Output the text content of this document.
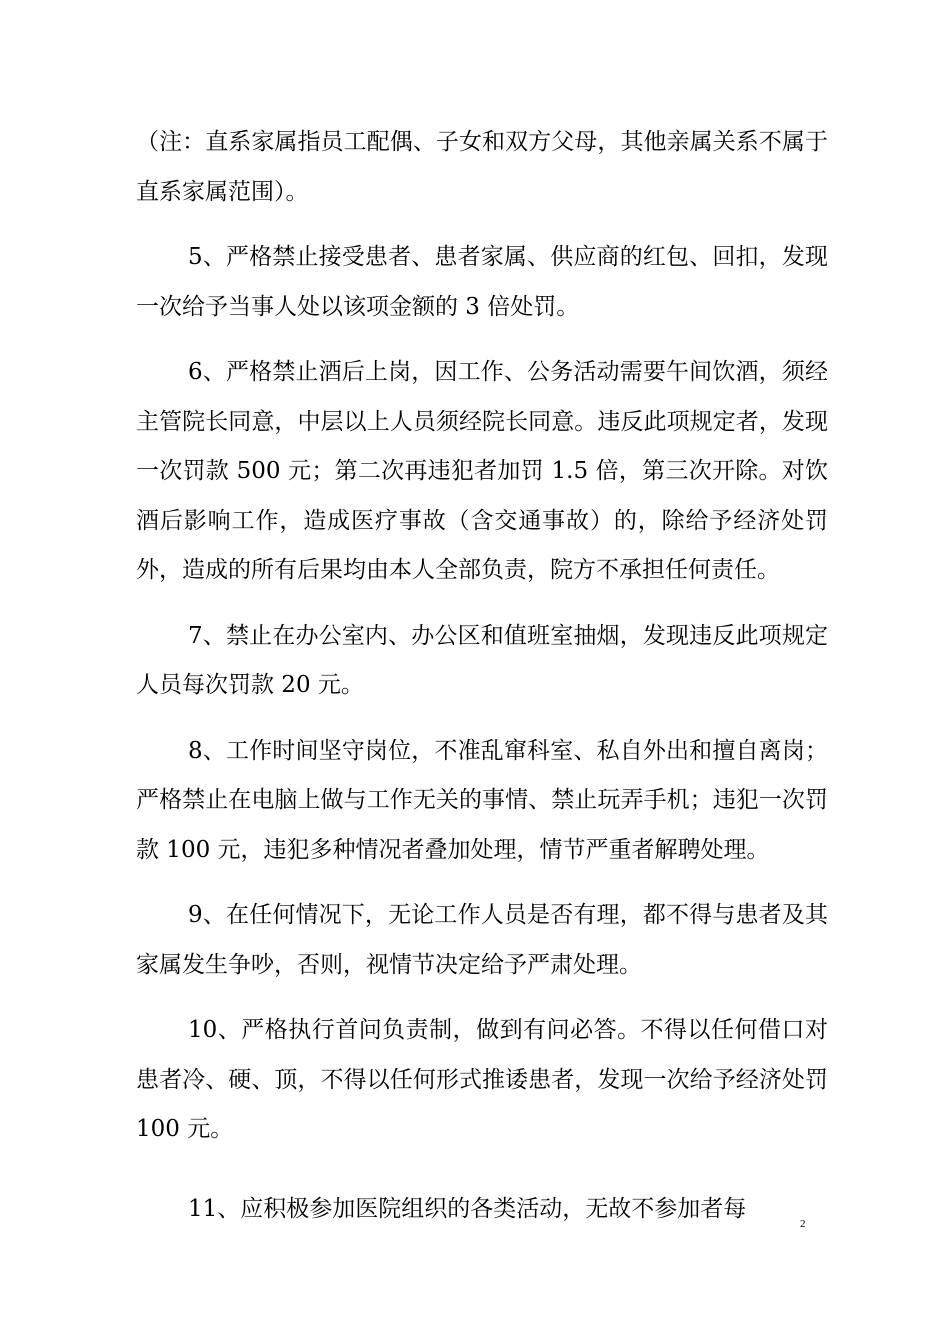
（注：直系家属指员工配偶、子女和双方父母，其他亲属关系不属于直系家属范围）。

5、严格禁止接受患者、患者家属、供应商的红包、回扣，发现一次给予当事人处以该项金额的 3 倍处罚。

6、严格禁止酒后上岗，因工作、公务活动需要午间饮酒，须经主管院长同意，中层以上人员须经院长同意。违反此项规定者，发现一次罚款 500 元；第二次再违犯者加罚 1.5 倍，第三次开除。对饮酒后影响工作，造成医疗事故（含交通事故）的，除给予经济处罚外，造成的所有后果均由本人全部负责，院方不承担任何责任。

7、禁止在办公室内、办公区和值班室抽烟，发现违反此项规定人员每次罚款 20 元。

8、工作时间坚守岗位，不准乱窜科室、私自外出和擅自离岗；严格禁止在电脑上做与工作无关的事情、禁止玩弄手机；违犯一次罚款 100 元，违犯多种情况者叠加处理，情节严重者解聘处理。

9、在任何情况下，无论工作人员是否有理，都不得与患者及其家属发生争吵，否则，视情节决定给予严肃处理。

10、严格执行首问负责制，做到有问必答。不得以任何借口对患者冷、硬、顶，不得以任何形式推诿患者，发现一次给予经济处罚 100 元。

11、应积极参加医院组织的各类活动，无故不参加者每

2
